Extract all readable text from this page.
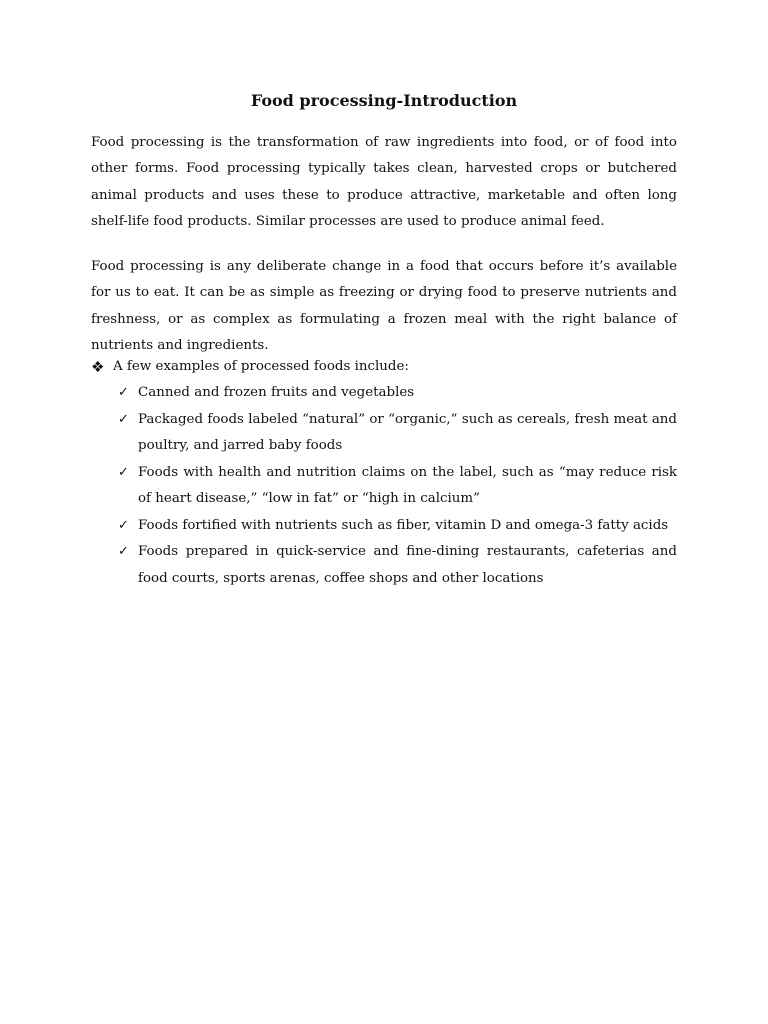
Food processing-Introduction

Food processing is the transformation of raw ingredients into food, or of food into other forms. Food processing typically takes clean, harvested crops or butchered animal products and uses these to produce attractive, marketable and often long shelf-life food products. Similar processes are used to produce animal feed.

Food processing is any deliberate change in a food that occurs before it’s available for us to eat. It can be as simple as freezing or drying food to preserve nutrients and freshness, or as complex as formulating a frozen meal with the right balance of nutrients and ingredients.

❖ A few examples of processed foods include:
✓ Canned and frozen fruits and vegetables
✓ Packaged foods labeled “natural” or “organic,” such as cereals, fresh meat and poultry, and jarred baby foods
✓ Foods with health and nutrition claims on the label, such as “may reduce risk of heart disease,” “low in fat” or “high in calcium”
✓ Foods fortified with nutrients such as fiber, vitamin D and omega-3 fatty acids
✓ Foods prepared in quick-service and fine-dining restaurants, cafeterias and food courts, sports arenas, coffee shops and other locations
